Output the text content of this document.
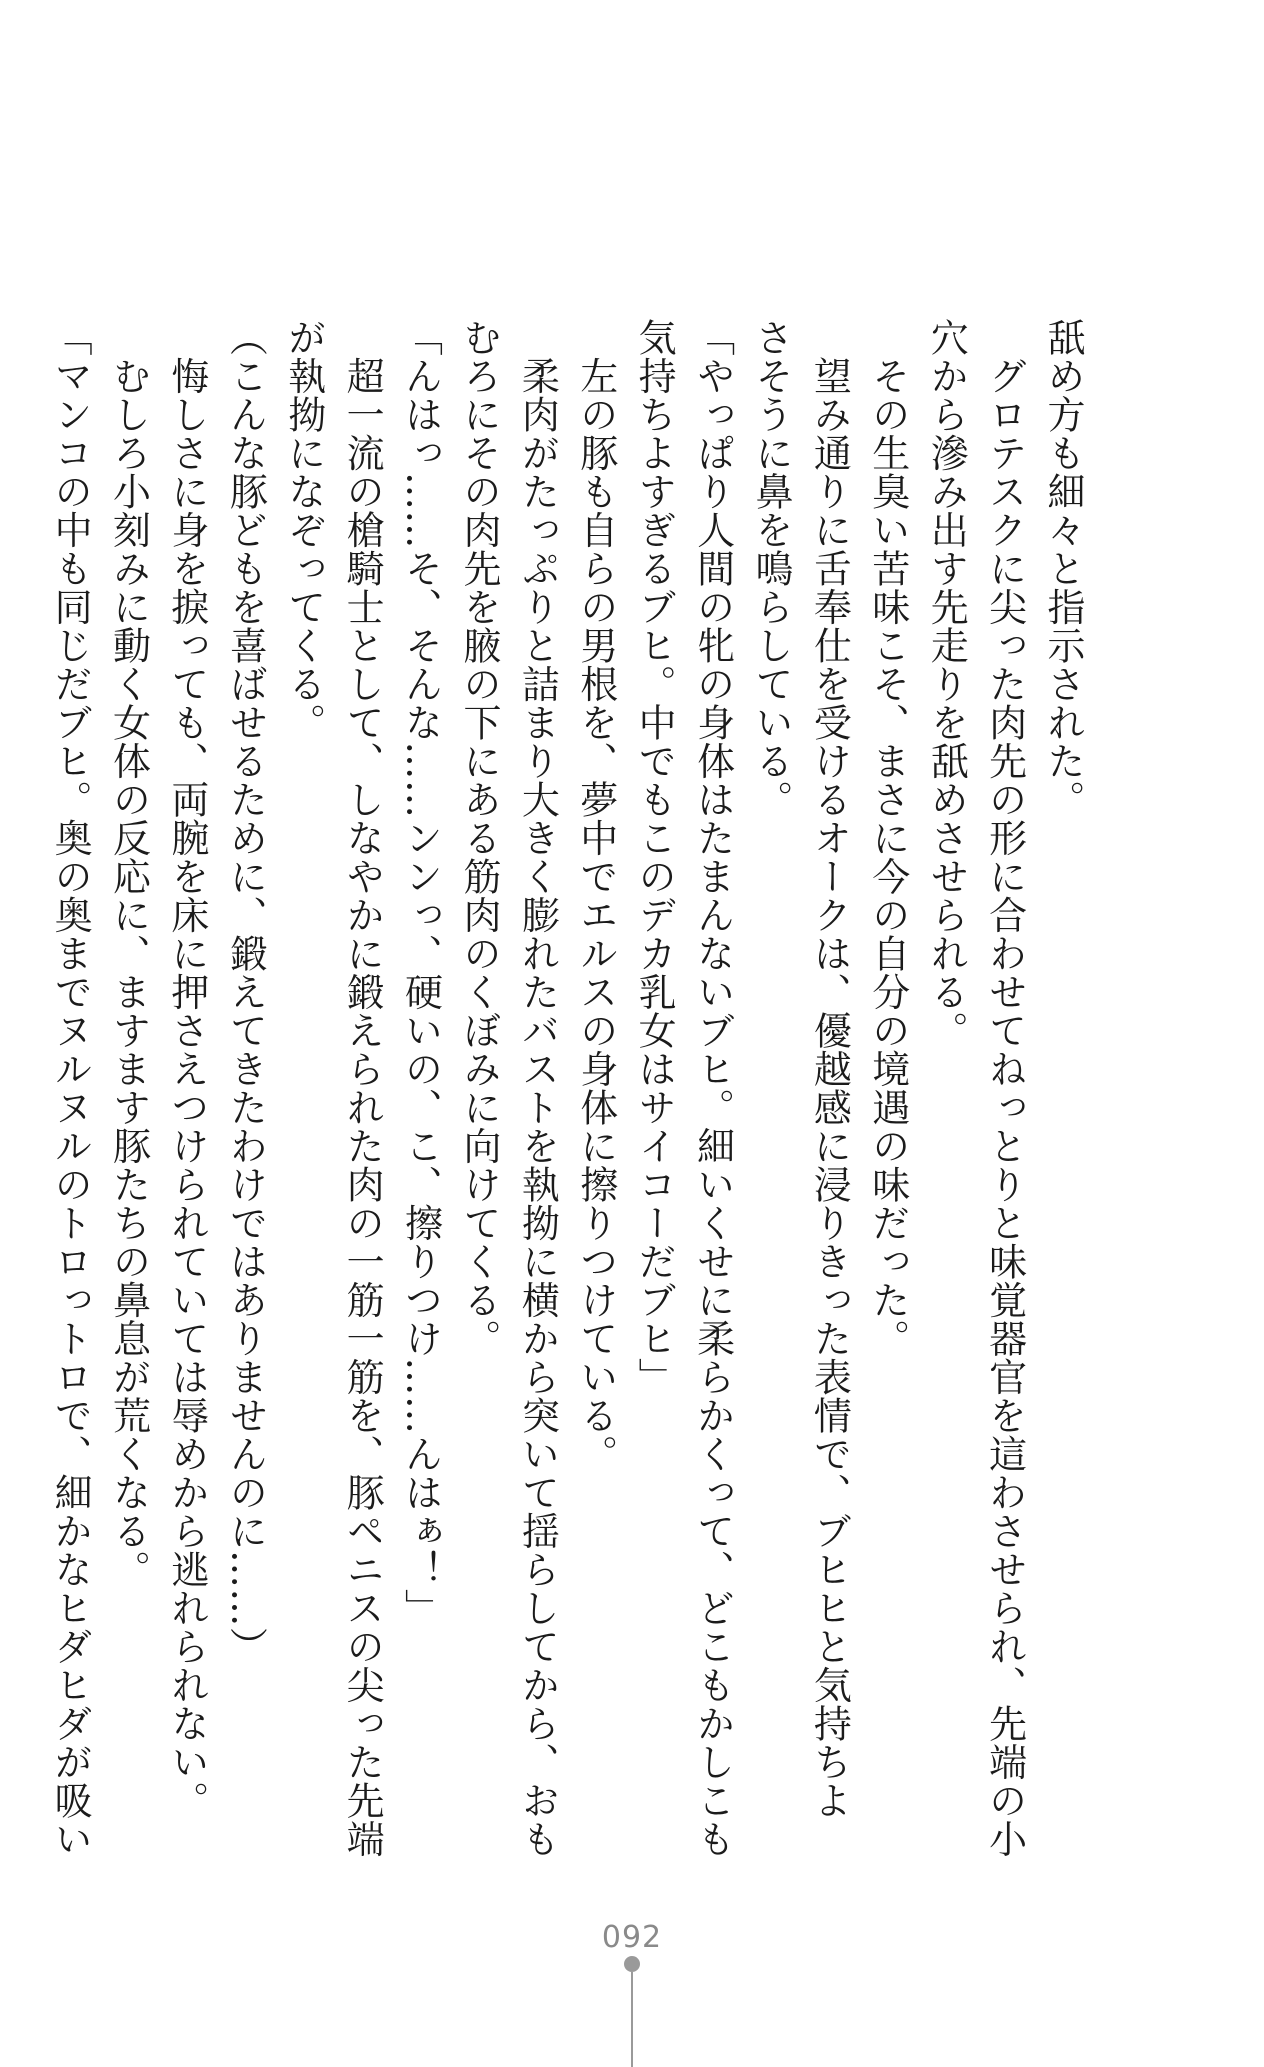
舐め方も細々と指示された。
　グロテスクに尖った肉先の形に合わせてねっとりと味覚器官を這わさせられ、先端の小
穴から滲み出す先走りを舐めさせられる。
　その生臭い苦味こそ、まさに今の自分の境遇の味だった。
　望み通りに舌奉仕を受けるオークは、優越感に浸りきった表情で、ブヒヒと気持ちよ
さそうに鼻を鳴らしている。
「やっぱり人間の牝の身体はたまんないブヒ。細いくせに柔らかくって、どこもかしこも
気持ちよすぎるブヒ。中でもこのデカ乳女はサイコーだブヒ」
　左の豚も自らの男根を、夢中でエルスの身体に擦りつけている。
　柔肉がたっぷりと詰まり大きく膨れたバストを執拗に横から突いて揺らしてから、おも
むろにその肉先を腋の下にある筋肉のくぼみに向けてくる。
「んはっ……そ、そんな……ンンっ、硬いの、こ、擦りつけ……んはぁ！」
　超一流の槍騎士として、しなやかに鍛えられた肉の一筋一筋を、豚ペニスの尖った先端
が執拗になぞってくる。
（こんな豚どもを喜ばせるために、鍛えてきたわけではありませんのに……）
　悔しさに身を捩っても、両腕を床に押さえつけられていては辱めから逃れられない。
　むしろ小刻みに動く女体の反応に、ますます豚たちの鼻息が荒くなる。
「マンコの中も同じだブヒ。奥の奥までヌルヌルのトロっトロで、細かなヒダヒダが吸い
092
